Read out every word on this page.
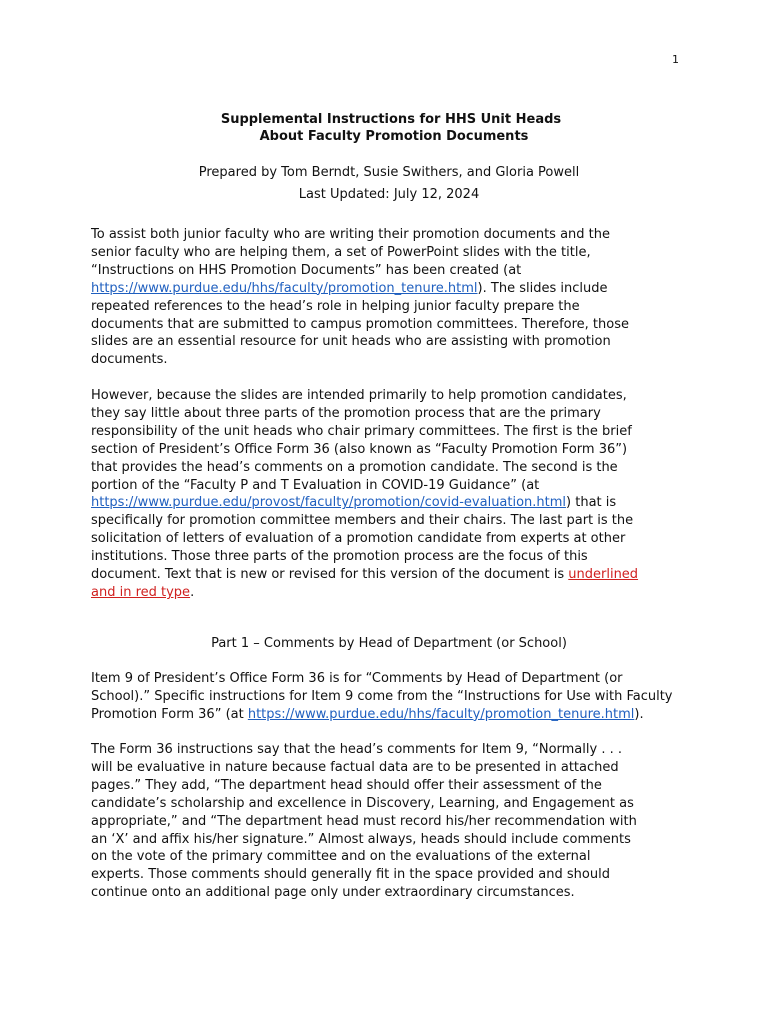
1
Supplemental Instructions for HHS Unit Heads
About Faculty Promotion Documents
Prepared by Tom Berndt, Susie Swithers, and Gloria Powell
Last Updated: July 12, 2024
To assist both junior faculty who are writing their promotion documents and the
senior faculty who are helping them, a set of PowerPoint slides with the title,
“Instructions on HHS Promotion Documents” has been created (at
https://www.purdue.edu/hhs/faculty/promotion_tenure.html). The slides include
repeated references to the head’s role in helping junior faculty prepare the
documents that are submitted to campus promotion committees. Therefore, those
slides are an essential resource for unit heads who are assisting with promotion
documents.
However, because the slides are intended primarily to help promotion candidates,
they say little about three parts of the promotion process that are the primary
responsibility of the unit heads who chair primary committees. The first is the brief
section of President’s Office Form 36 (also known as “Faculty Promotion Form 36”)
that provides the head’s comments on a promotion candidate. The second is the
portion of the “Faculty P and T Evaluation in COVID-19 Guidance” (at
https://www.purdue.edu/provost/faculty/promotion/covid-evaluation.html) that is
specifically for promotion committee members and their chairs. The last part is the
solicitation of letters of evaluation of a promotion candidate from experts at other
institutions. Those three parts of the promotion process are the focus of this
document. Text that is new or revised for this version of the document is underlined
and in red type.
Part 1 – Comments by Head of Department (or School)
Item 9 of President’s Office Form 36 is for “Comments by Head of Department (or
School).” Specific instructions for Item 9 come from the “Instructions for Use with Faculty
Promotion Form 36” (at https://www.purdue.edu/hhs/faculty/promotion_tenure.html).
The Form 36 instructions say that the head’s comments for Item 9, “Normally . . .
will be evaluative in nature because factual data are to be presented in attached
pages.” They add, “The department head should offer their assessment of the
candidate’s scholarship and excellence in Discovery, Learning, and Engagement as
appropriate,” and “The department head must record his/her recommendation with
an ‘X’ and affix his/her signature.” Almost always, heads should include comments
on the vote of the primary committee and on the evaluations of the external
experts. Those comments should generally fit in the space provided and should
continue onto an additional page only under extraordinary circumstances.
